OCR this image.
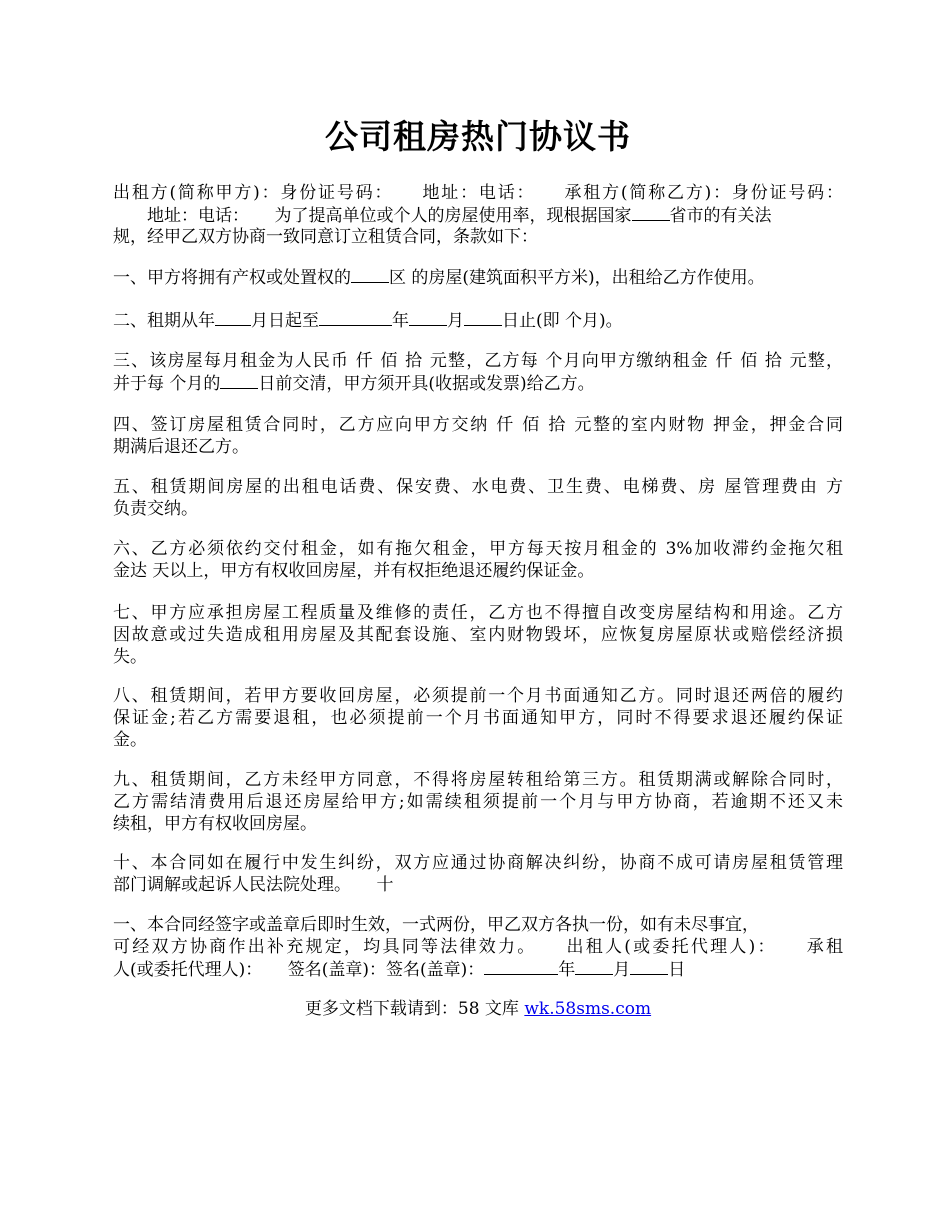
公司租房热门协议书
出租方(简称甲方)：身份证号码：　　地址：电话：　　承租方(简称乙方)：身份证号码：
　　地址：电话：　　为了提高单位或个人的房屋使用率，现根据国家 省市的有关法
规，经甲乙双方协商一致同意订立租赁合同，条款如下：
一、甲方将拥有产权或处置权的 区 的房屋(建筑面积平方米)，出租给乙方作使用。
二、租期从年 月日起至	年 月 日止(即 个月)。
三、该房屋每月租金为人民币 仟 佰 拾 元整，乙方每 个月向甲方缴纳租金 仟 佰 拾 元整，
并于每 个月的 日前交清，甲方须开具(收据或发票)给乙方。
四、签订房屋租赁合同时，乙方应向甲方交纳 仟 佰 拾 元整的室内财物 押金，押金合同
期满后退还乙方。
五、租赁期间房屋的出租电话费、保安费、水电费、卫生费、电梯费、房 屋管理费由 方
负责交纳。
六、乙方必须依约交付租金，如有拖欠租金，甲方每天按月租金的 3%加收滞约金拖欠租
金达 天以上，甲方有权收回房屋，并有权拒绝退还履约保证金。
七、甲方应承担房屋工程质量及维修的责任，乙方也不得擅自改变房屋结构和用途。乙方
因故意或过失造成租用房屋及其配套设施、室内财物毁坏，应恢复房屋原状或赔偿经济损
失。
八、租赁期间，若甲方要收回房屋，必须提前一个月书面通知乙方。同时退还两倍的履约
保证金;若乙方需要退租，也必须提前一个月书面通知甲方，同时不得要求退还履约保证
金。
九、租赁期间，乙方未经甲方同意，不得将房屋转租给第三方。租赁期满或解除合同时，
乙方需结清费用后退还房屋给甲方;如需续租须提前一个月与甲方协商，若逾期不还又未
续租，甲方有权收回房屋。
十、本合同如在履行中发生纠纷，双方应通过协商解决纠纷，协商不成可请房屋租赁管理
部门调解或起诉人民法院处理。　　十
一、本合同经签字或盖章后即时生效，一式两份，甲乙双方各执一份，如有未尽事宜，
可经双方协商作出补充规定，均具同等法律效力。　　出租人(或委托代理人)：　　承租
人(或委托代理人)：　　签名(盖章)：签名(盖章)：	年 月 日
更多文档下载请到：58 文库 wk.58sms.com
